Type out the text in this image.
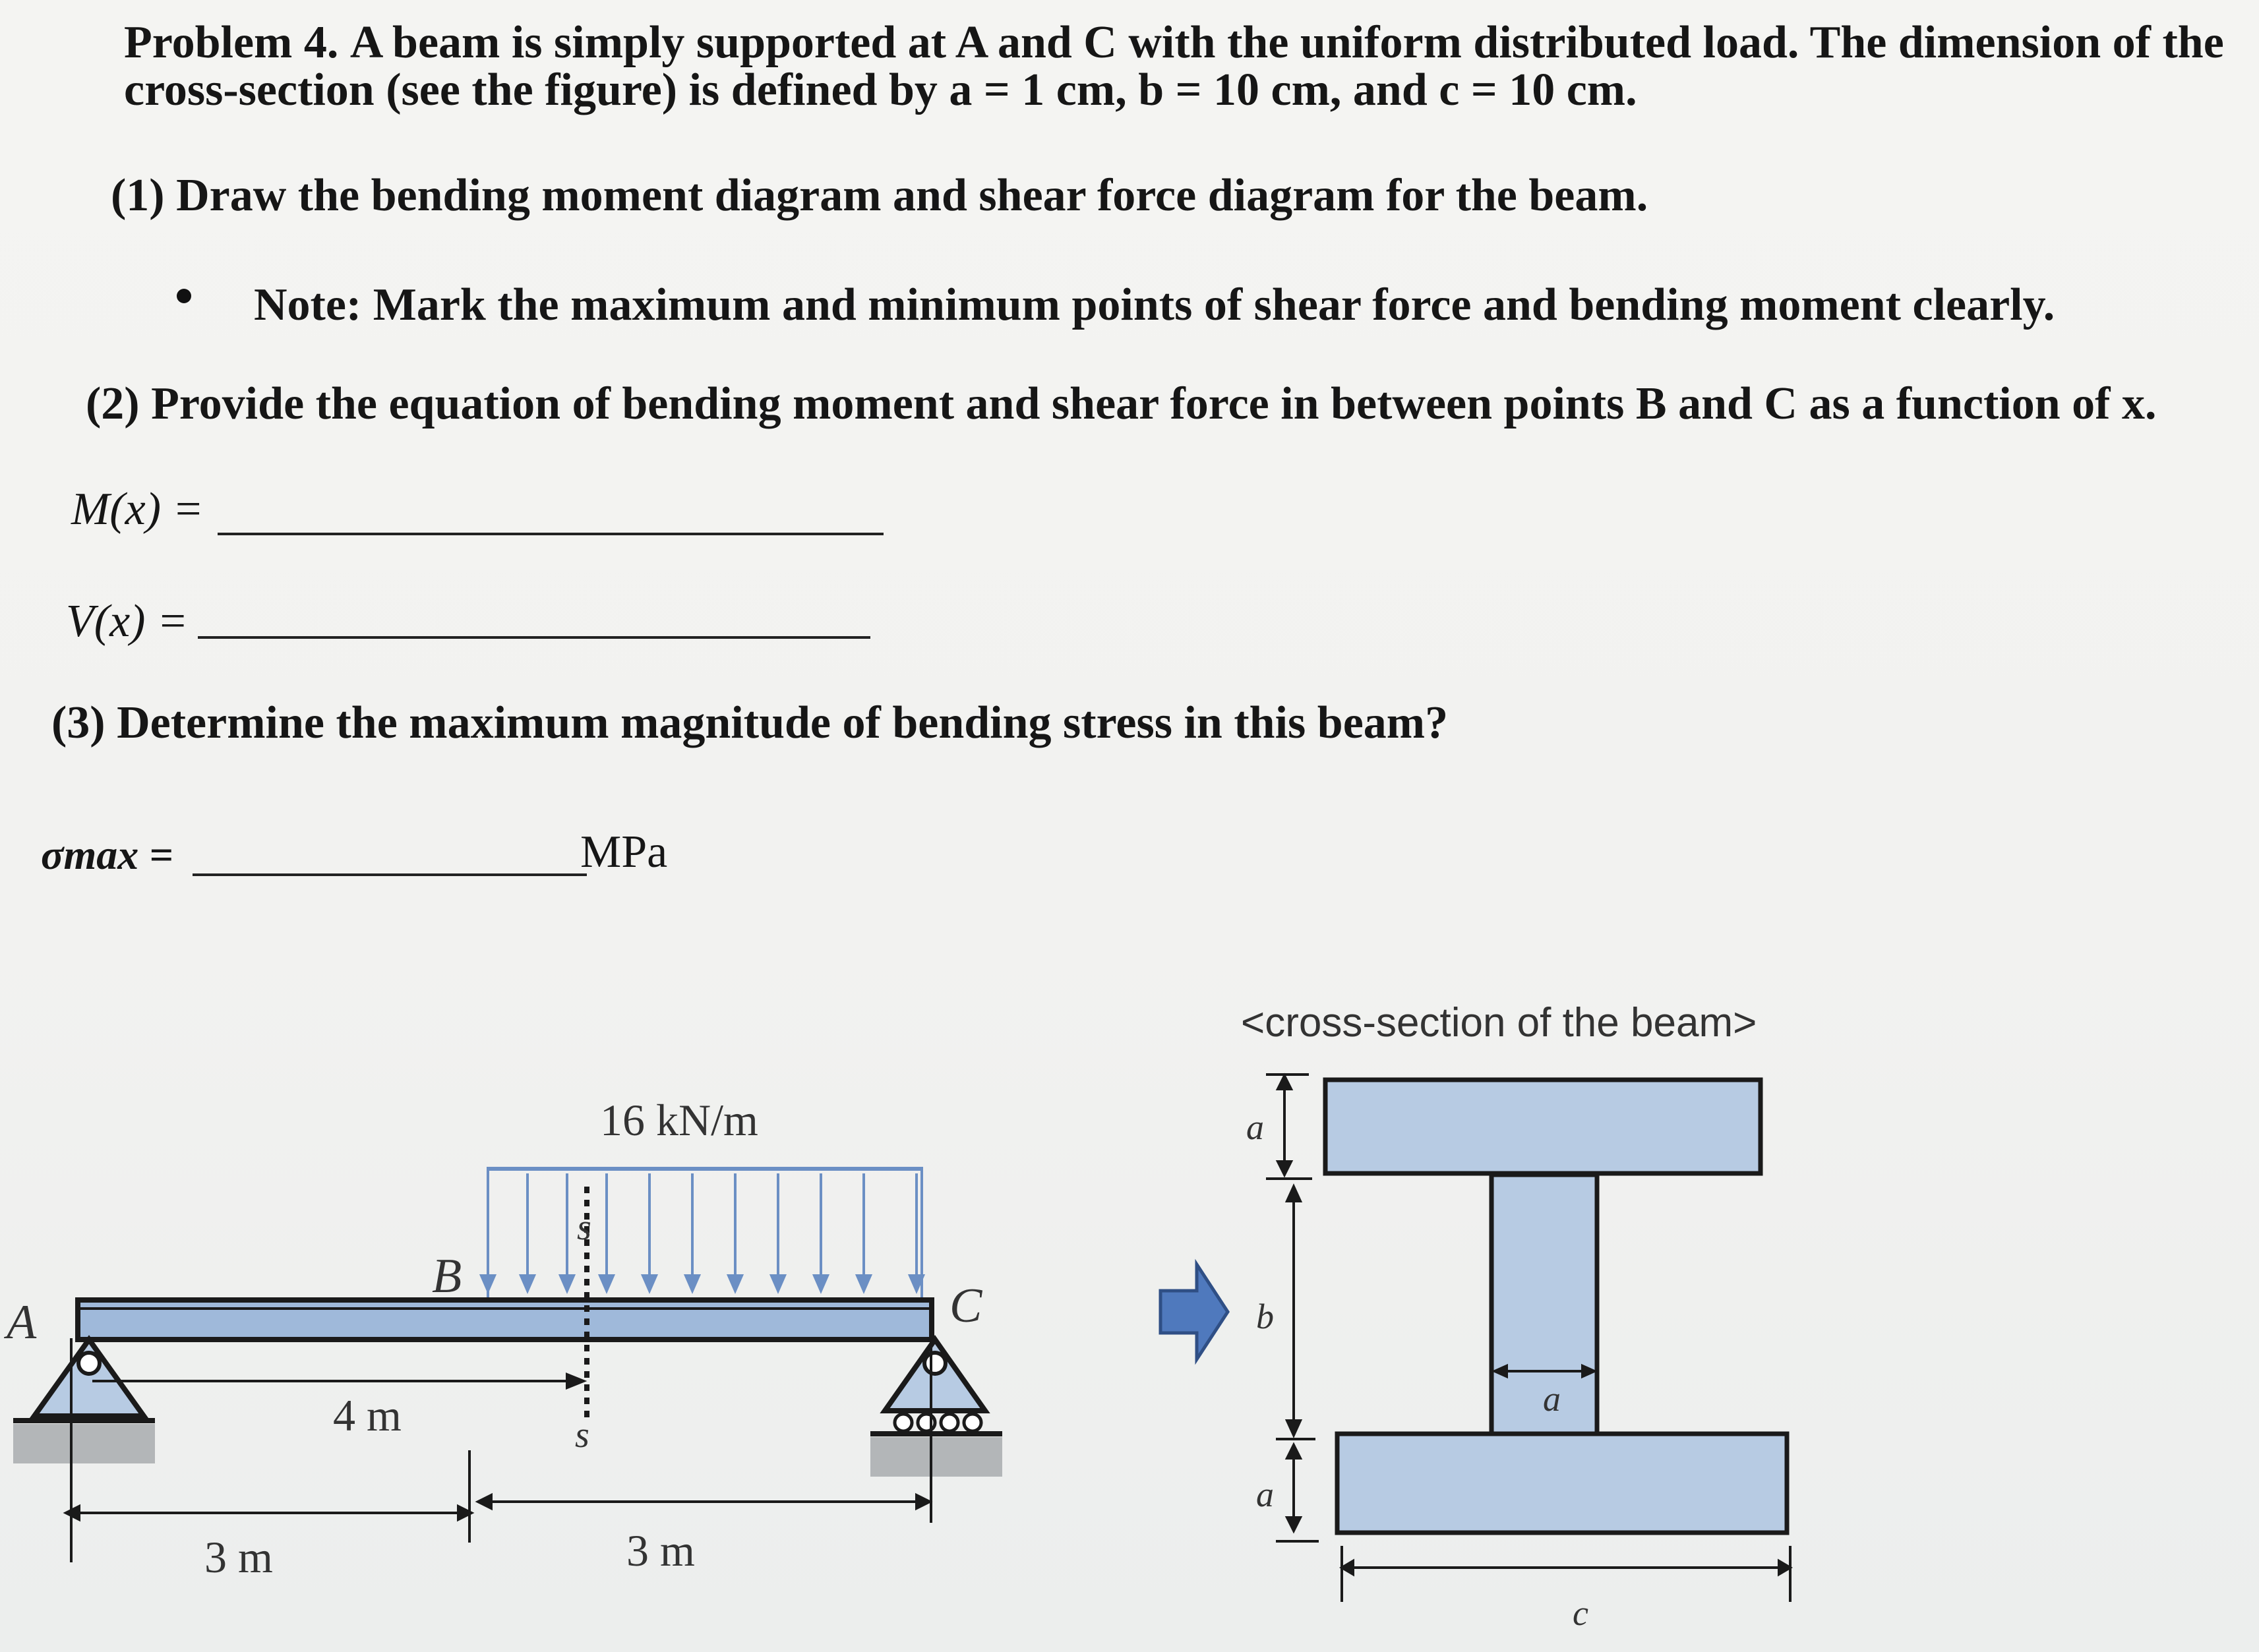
Problem 4. A beam is simply supported at A and C with the uniform distributed load. The dimension of the
cross-section (see the figure) is defined by a = 1 cm, b = 10 cm, and c = 10 cm.
(1) Draw the bending moment diagram and shear force diagram for the beam.
Note: Mark the maximum and minimum points of shear force and bending moment clearly.
(2) Provide the equation of bending moment and shear force in between points B and C as a function of x.
M(x) =
V(x) =
(3) Determine the maximum magnitude of bending stress in this beam?
σmax =	MPa
16 kN/m
s
s
A
B
C
4 m
3 m	3 m
<cross-section of the beam>
a
b
a
a
c
